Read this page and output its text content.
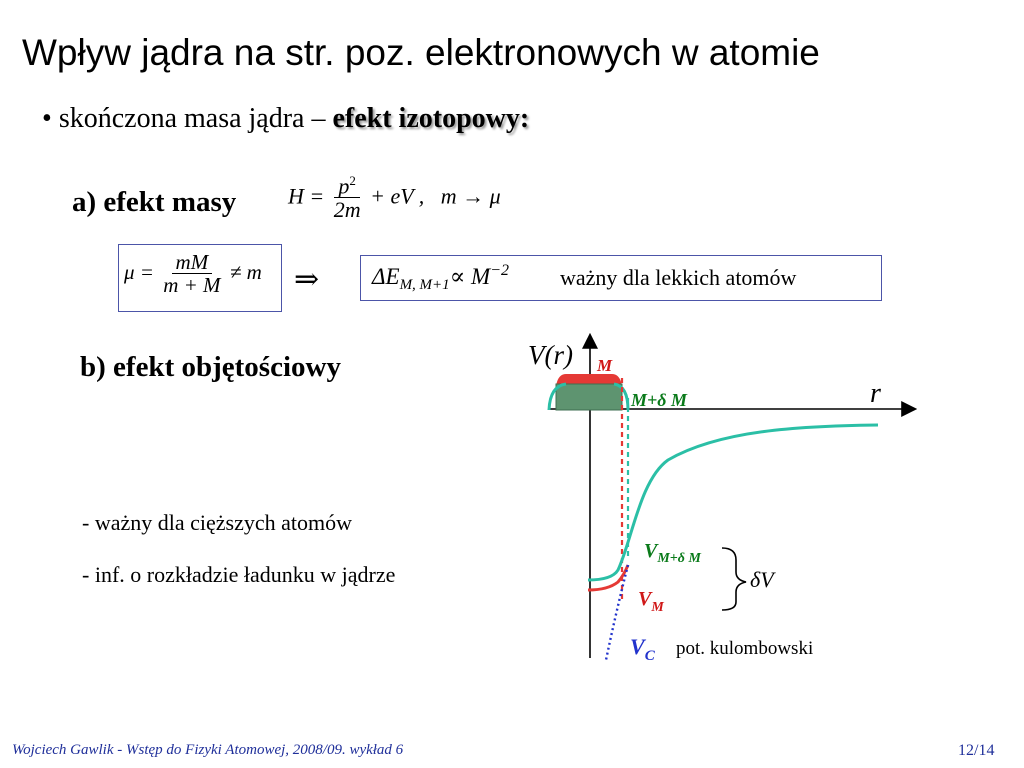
Wpływ jądra na str. poz. elektronowych w atomie
• skończona masa jądra – efekt izotopowy:
a) efekt masy $H = \frac{p^2}{2m}$ + eV , m → μ
$\mu = \frac{mM}{m + M} \ne m$ ⇒ $\Delta E_{M, M+1}\propto M^{-2}$ ważny dla lekkich atomów
b) efekt objętościowy
- ważny dla cięższych atomów
- inf. o rozkładzie ładunku w jądrze
V(r)
r
M
M+δ M
$V_{M+\delta M}$
$V_M$
$V_C$ pot. kulombowski
δV
Wojciech Gawlik - Wstęp do Fizyki Atomowej, 2008/09. wykład 6	12/14
